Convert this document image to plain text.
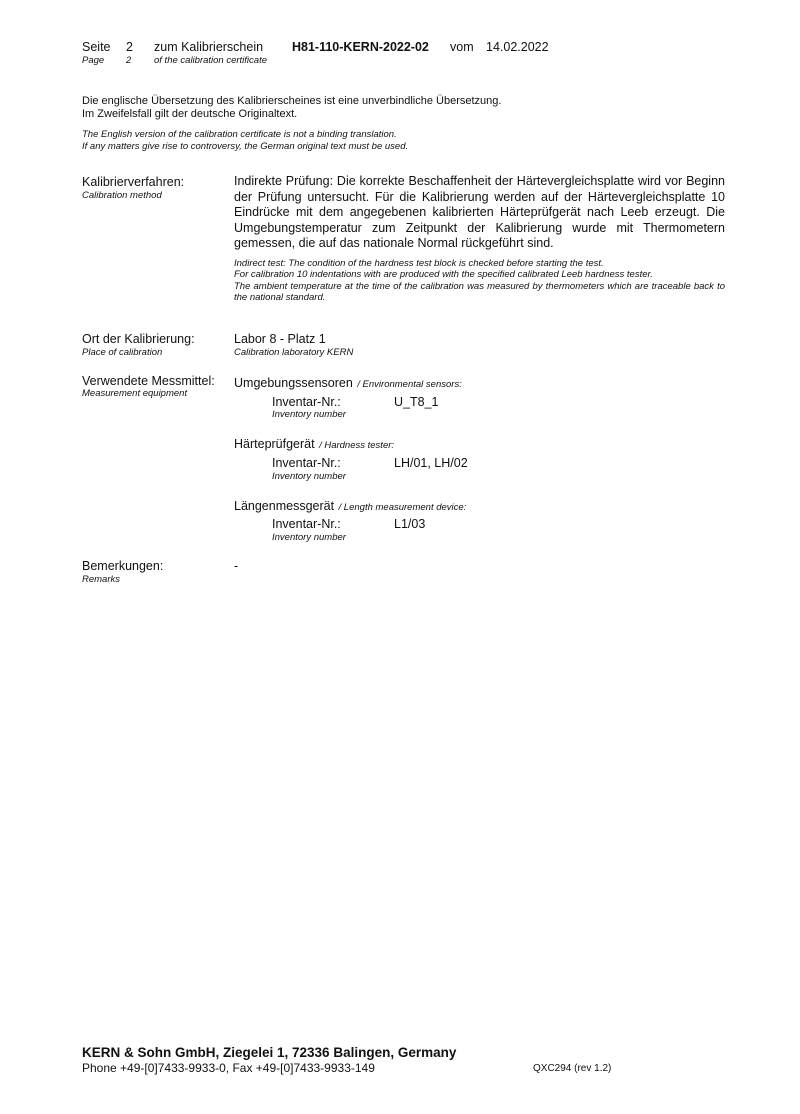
Seite 2 zum Kalibrierschein H81-110-KERN-2022-02 vom 14.02.2022
Page 2 of the calibration certificate
Die englische Übersetzung des Kalibrierscheines ist eine unverbindliche Übersetzung.
Im Zweifelsfall gilt der deutsche Originaltext.
The English version of the calibration certificate is not a binding translation.
If any matters give rise to controversy, the German original text must be used.
Kalibrierverfahren:
Calibration method
Indirekte Prüfung: Die korrekte Beschaffenheit der Härtevergleichsplatte wird vor Beginn der Prüfung untersucht. Für die Kalibrierung werden auf der Härtevergleichsplatte 10 Eindrücke mit dem angegebenen kalibrierten Härteprüfgerät nach Leeb erzeugt. Die Umgebungstemperatur zum Zeitpunkt der Kalibrierung wurde mit Thermometern gemessen, die auf das nationale Normal rückgeführt sind.
Indirect test: The condition of the hardness test block is checked before starting the test.
For calibration 10 indentations with are produced with the specified calibrated Leeb hardness tester.
The ambient temperature at the time of the calibration was measured by thermometers which are traceable back to the national standard.
Ort der Kalibrierung:
Place of calibration
Labor 8 - Platz 1
Calibration laboratory KERN
Verwendete Messmittel:
Measurement equipment
Umgebungssensoren / Environmental sensors:
Inventar-Nr.:
Inventory number
U_T8_1
Härteprüfgerät / Hardness tester:
Inventar-Nr.:
Inventory number
LH/01, LH/02
Längenmessgerät / Length measurement device:
Inventar-Nr.:
Inventory number
L1/03
Bemerkungen:
Remarks
-
KERN & Sohn GmbH, Ziegelei 1, 72336 Balingen, Germany
Phone +49-[0]7433-9933-0, Fax +49-[0]7433-9933-149	QXC294 (rev 1.2)
